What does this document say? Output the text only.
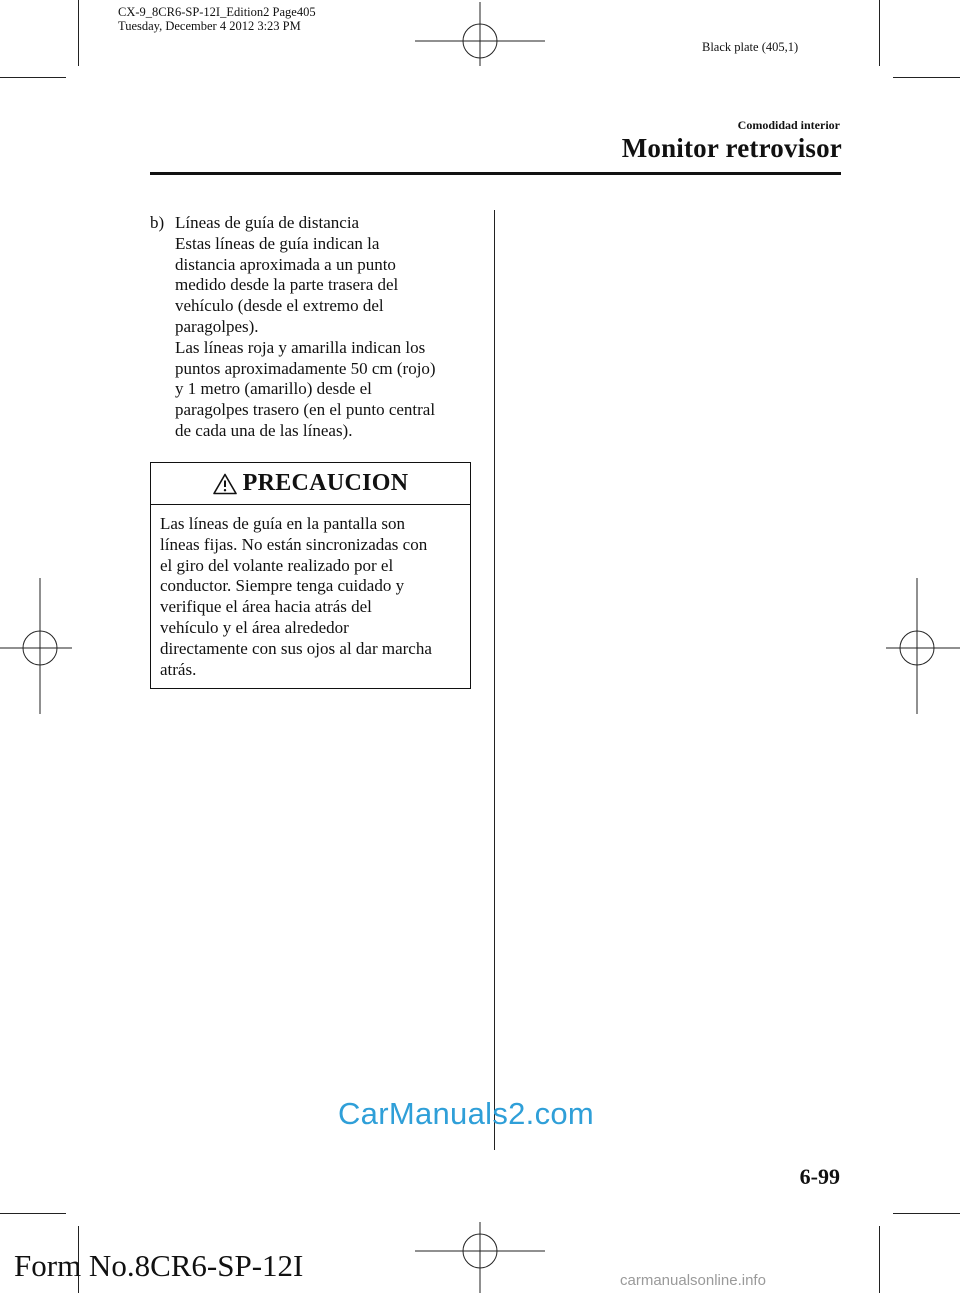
CX-9_8CR6-SP-12I_Edition2 Page405
Tuesday, December 4 2012 3:23 PM
Black plate (405,1)
Comodidad interior
Monitor retrovisor
b) Líneas de guía de distancia

Estas líneas de guía indican la
distancia aproximada a un punto
medido desde la parte trasera del
vehículo (desde el extremo del
paragolpes).

Las líneas roja y amarilla indican los
puntos aproximadamente 50 cm (rojo)
y 1 metro (amarillo) desde el
paragolpes trasero (en el punto central
de cada una de las líneas).

PRECAUCION
Las líneas de guía en la pantalla son
líneas fijas. No están sincronizadas con
el giro del volante realizado por el
conductor. Siempre tenga cuidado y
verifique el área hacia atrás del
vehículo y el área alrededor
directamente con sus ojos al dar marcha
atrás.
6-99
Form No.8CR6-SP-12I
CarManuals2.com
carmanualsonline.info
